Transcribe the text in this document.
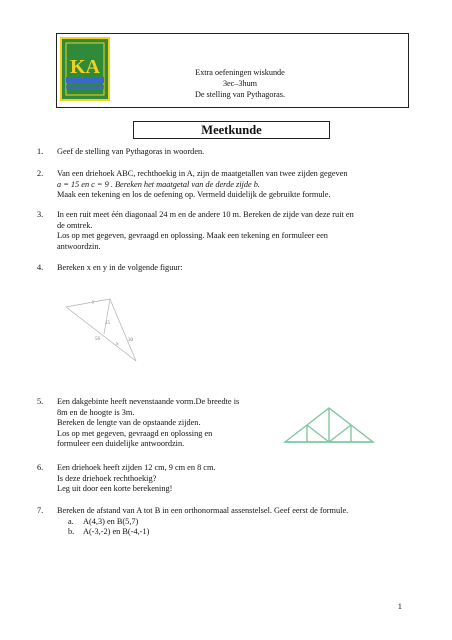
KA	Extra oefeningen wiskunde
3ec–3hum
De stelling van Pythagoras.
Meetkunde
1. Geef de stelling van Pythagoras in woorden.

2. Van een driehoek ABC, rechthoekig in A, zijn de maatgetallen van twee zijden gegeven

a = 15 en c = 9 . Bereken het maatgetal van de derde zijde b.

Maak een tekening en los de oefening op. Vermeld duidelijk de gebruikte formule.

3. In een ruit meet één diagonaal 24 m en de andere 10 m. Bereken de zijde van deze ruit en

de omtrek.

Los op met gegeven, gevraagd en oplossing. Maak een tekening en formuleer een

antwoordzin.

4. Bereken x en y in de volgende figuur:

y
15
56	30
x
5. Een dakgebinte heeft nevenstaande vorm.De breedte is

8m en de hoogte is 3m.

Bereken de lengte van de opstaande zijden.

Los op met gegeven, gevraagd en oplossing en

formuleer een duidelijke antwoordzin.

6. Een driehoek heeft zijden 12 cm, 9 cm en 8 cm.

Is deze driehoek rechthoekig?

Leg uit door een korte berekening!

7. Bereken de afstand van A tot B in een orthonormaal assenstelsel. Geef eerst de formule.

a. A(4,3) en B(5,7)

b. A(-3,-2) en B(-4,-1)

1
